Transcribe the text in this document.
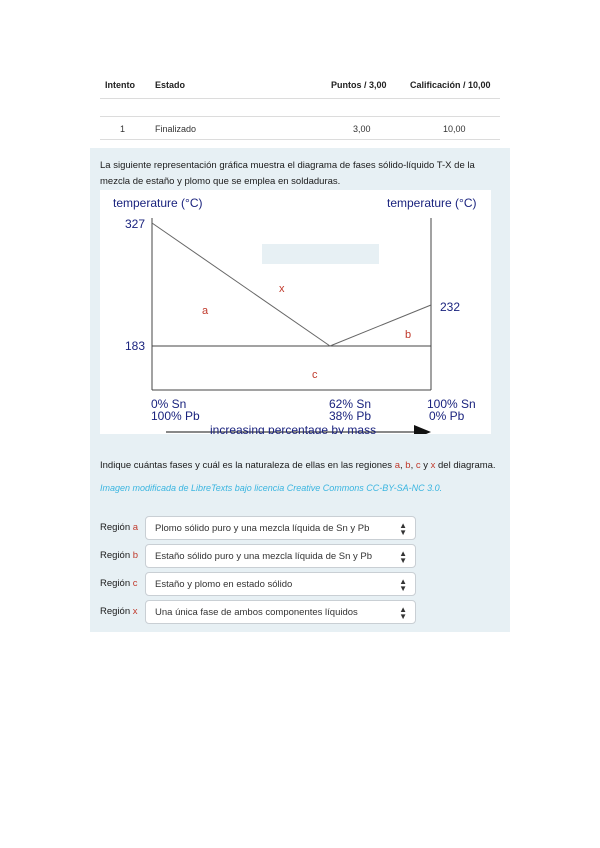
Intento Estado	Puntos / 3,00	Calificación / 10,00
1	Finalizado	3,00	10,00
La siguiente representación gráfica muestra el diagrama de fases sólido-líquido T-X de la mezcla de estaño y plomo que se emplea en soldaduras.
temperature (°C)	temperature (°C)
327
232
183
a
b
c
x
0% Sn
100% Pb
62% Sn
38% Pb
100% Sn
0% Pb
increasing percentage by mass
Indique cuántas fases y cuál es la naturaleza de ellas en las regiones a, b, c y x del diagrama.
Imagen modificada de LibreTexts bajo licencia Creative Commons CC-BY-SA-NC 3.0.
Región a Plomo sólido puro y una mezcla líquida de Sn y Pb	▲
▼
Región b Estaño sólido puro y una mezcla líquida de Sn y Pb	▲
▼
Región c Estaño y plomo en estado sólido	▲
▼
Región x Una única fase de ambos componentes líquidos	▲
▼
